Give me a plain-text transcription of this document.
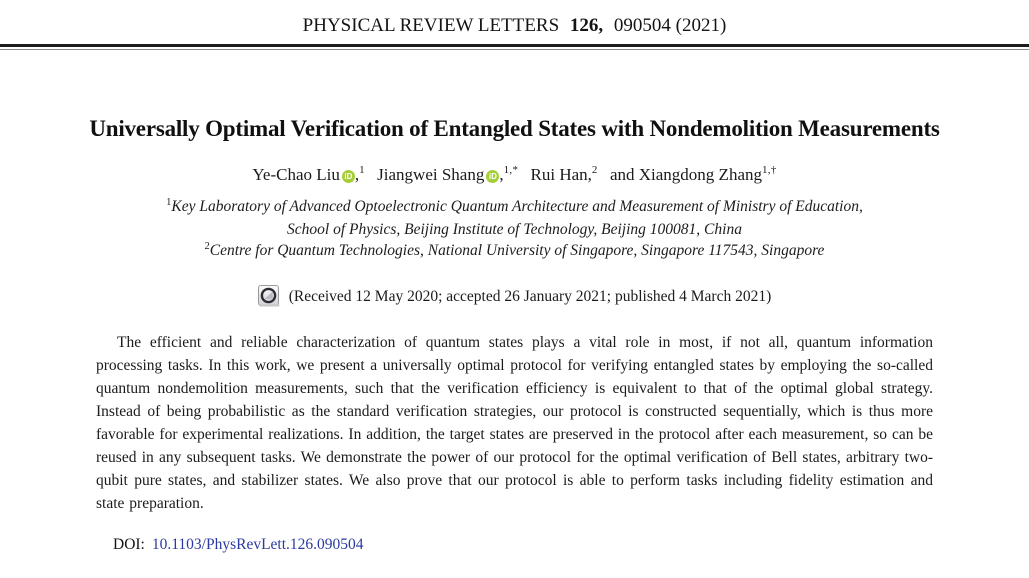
PHYSICAL REVIEW LETTERS 126, 090504 (2021)
Universally Optimal Verification of Entangled States with Nondemolition Measurements
Ye-Chao Liu iD ,$^1$ Jiangwei Shang iD ,$^{1,*}$ Rui Han,$^2$ and Xiangdong Zhang$^{1,\dagger}$
$^1$Key Laboratory of Advanced Optoelectronic Quantum Architecture and Measurement of Ministry of Education,
School of Physics, Beijing Institute of Technology, Beijing 100081, China
$^2$Centre for Quantum Technologies, National University of Singapore, Singapore 117543, Singapore
(Received 12 May 2020; accepted 26 January 2021; published 4 March 2021)
The efficient and reliable characterization of quantum states plays a vital role in most, if not all, quantum information processing tasks. In this work, we present a universally optimal protocol for verifying entangled states by employing the so-called quantum nondemolition measurements, such that the verification efficiency is equivalent to that of the optimal global strategy. Instead of being probabilistic as the standard verification strategies, our protocol is constructed sequentially, which is thus more favorable for experimental realizations. In addition, the target states are preserved in the protocol after each measurement, so can be reused in any subsequent tasks. We demonstrate the power of our protocol for the optimal verification of Bell states, arbitrary two-qubit pure states, and stabilizer states. We also prove that our protocol is able to perform tasks including fidelity estimation and state preparation.
DOI: 10.1103/PhysRevLett.126.090504
